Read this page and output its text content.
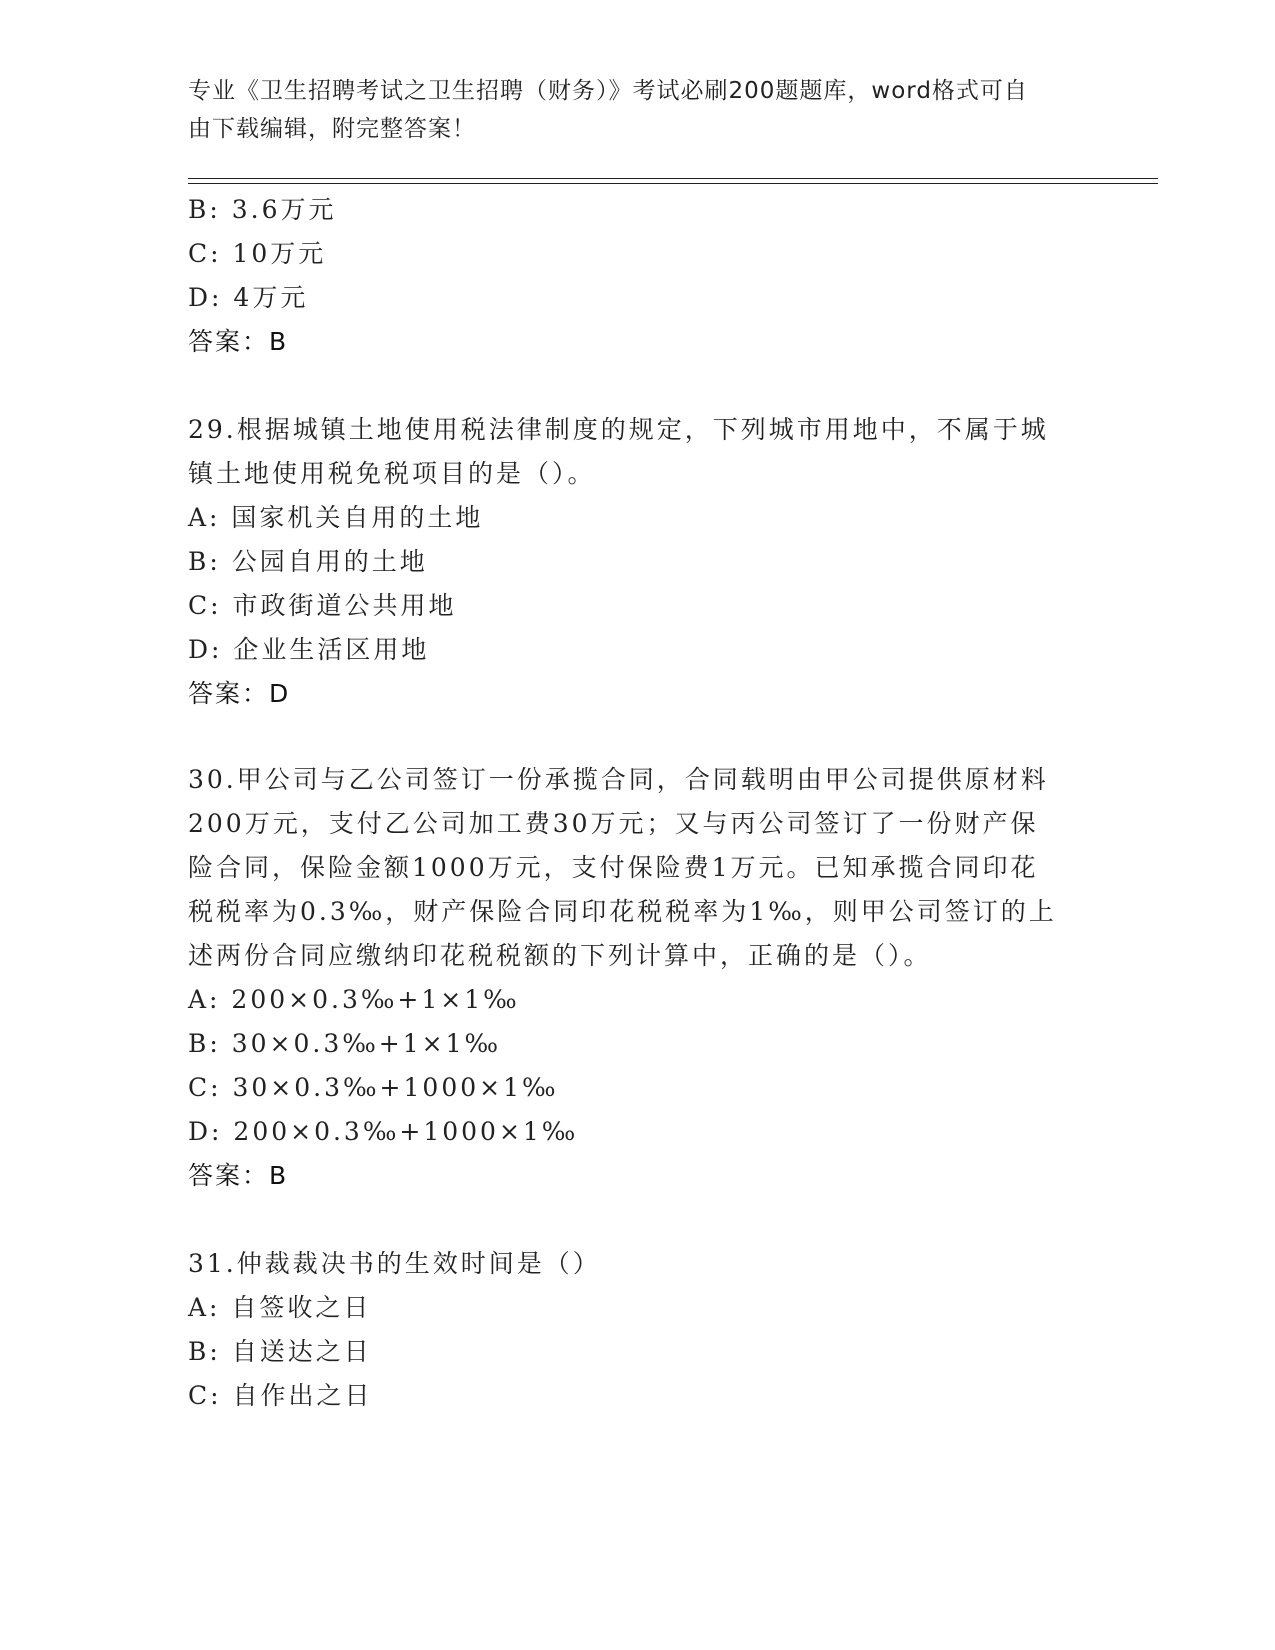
专业《卫生招聘考试之卫生招聘（财务）》考试必刷200题题库，word格式可自
由下载编辑，附完整答案！
B: 3.6万元
C: 10万元
D: 4万元
答案：B
29.根据城镇土地使用税法律制度的规定，下列城市用地中，不属于城
镇土地使用税免税项目的是（）。
A: 国家机关自用的土地
B: 公园自用的土地
C: 市政街道公共用地
D: 企业生活区用地
答案：D
30.甲公司与乙公司签订一份承揽合同，合同载明由甲公司提供原材料
200万元，支付乙公司加工费30万元；又与丙公司签订了一份财产保
险合同，保险金额1000万元，支付保险费1万元。已知承揽合同印花
税税率为0.3‰，财产保险合同印花税税率为1‰，则甲公司签订的上
述两份合同应缴纳印花税税额的下列计算中，正确的是（）。
A: 200×0.3‰+1×1‰
B: 30×0.3‰+1×1‰
C: 30×0.3‰+1000×1‰
D: 200×0.3‰+1000×1‰
答案：B
31.仲裁裁决书的生效时间是（）
A: 自签收之日
B: 自送达之日
C: 自作出之日
